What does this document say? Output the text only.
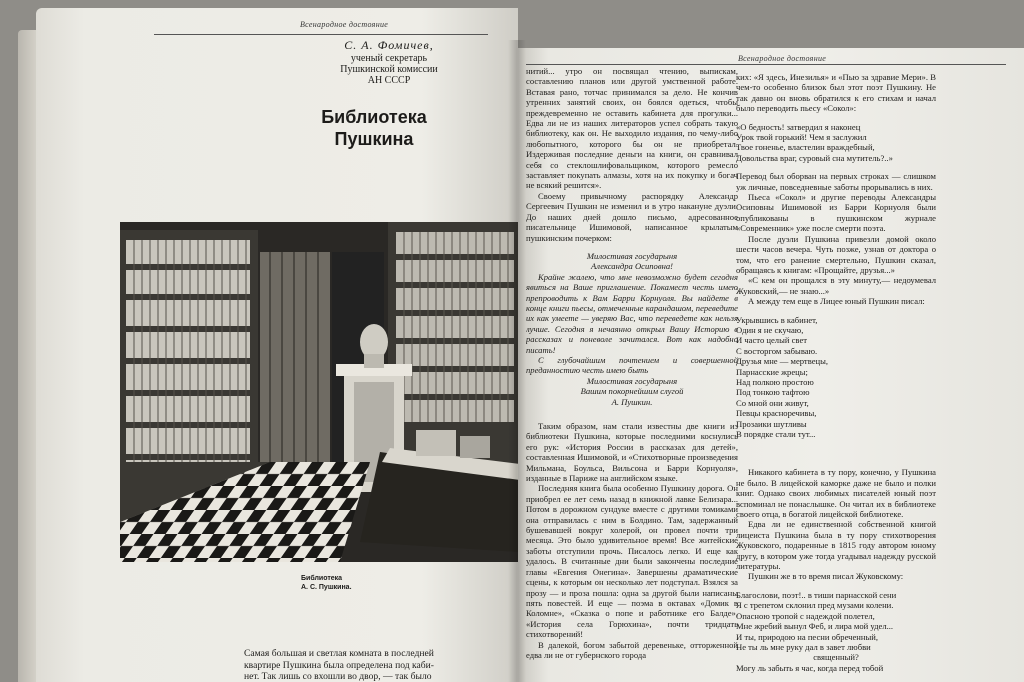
Всенародное достояние
С. А. Фомичев,
ученый секретарь
Пушкинской комиссии
АН СССР
Библиотека
Пушкина
Библиотека
А. С. Пушкина.

Самая большая и светлая комната в последней

квартире Пушкина была определена под каби-

нет. Так лишь со вхошли во двор, — так было

Всенародное достояние

нитий... утро он посвящал чтению, выпискам, составлению планов или другой умственной работе. Вставая рано, тотчас принимался за дело. Не кончив утренних занятий своих, он боялся одеться, чтобы преждевременно не оставить кабинета для прогулки... Едва ли не из наших литераторов успел собрать такую библиотеку, как он. Не выходило издания, по чему-либо любопытного, которого бы он не приобретал. Издерживая последние деньги на книги, он сравнивал себя со стеклошлифовальщиком, которого ремесло заставляет покупать алмазы, хотя на их покупку и богач не всякий решится».

Своему привычному распорядку Александр Сергеевич Пушкин не изменил и в утро накануне дуэли. До наших дней дошло письмо, адресованное писательнице Ишимовой, написанное крылатым пушкинским почерком:

Милостивая государыня

Александра Осиповна!

Крайне жалею, что мне невозможно будет сегодня явиться на Ваше приглашение. Покамест честь имею препроводить к Вам Барри Корнуоля. Вы найдете в конце книги пьесы, отмеченные карандашом, переведите их как умеете — уверяю Вас, что переведете как нельзя лучше. Сегодня я нечаянно открыл Вашу Историю в рассказах и поневоле зачитался. Вот как надобно писать!

С глубочайшим почтением и совершенной преданностию честь имею быть

Милостивая государыня

Вашим покорнейшим слугой

А. Пушкин.

Таким образом, нам стали известны две книги из библиотеки Пушкина, которые последними коснулись его рук: «История России в рассказах для детей», составленная Ишимовой, и «Стихотворные произведения Мильмана, Боульса, Вильсона и Барри Корнуоля», изданные в Париже на английском языке.

Последняя книга была особенно Пушкину дорога. Он приобрел ее лет семь назад в книжной лавке Белизара... Потом в дорожном сундуке вместе с другими томиками она отправилась с ним в Болдино. Там, задержанный бушевавшей вокруг холерой, он провел почти три месяца. Это было удивительное время! Все житейские заботы отступили прочь. Писалось легко. И еще как удалось. В считанные дни были закончены последние главы «Евгения Онегина». Завершены драматические сцены, к которым он несколько лет подступал. Взялся за прозу — и проза пошла: одна за другой были написаны пять повестей. И еще — поэма в октавах «Домик в Коломне», «Сказка о попе и работнике его Балде», «История села Горюхина», почти тридцать стихотворений!

В далекой, богом забытой деревеньке, отторженной едва ли не от губернского города

ких: «Я здесь, Инезилья» и «Пью за здравие Мери». В чем-то особенно близок был этот поэт Пушкину. Не так давно он вновь обратился к его стихам и начал было переводить пьесу «Сокол»:

«О бедность! затвердил я наконец

Урок твой горький! Чем я заслужил

Твое гоненье, властелин враждебный,

Довольства враг, суровый сна мутитель?..»

Перевод был оборван на первых строках — слишком уж личные, повседневные заботы прорывались в них.

Пьеса «Сокол» и другие переводы Александры Осиповны Ишимовой из Барри Корнуоля были опубликованы в пушкинском журнале «Современник» уже после смерти поэта.

После дуэли Пушкина привезли домой около шести часов вечера. Чуть позже, узнав от доктора о том, что его ранение смертельно, Пушкин сказал, обращаясь к книгам: «Прощайте, друзья...»

«С кем он прощался в эту минуту,— недоумевал Жуковский,— не знаю...»

А между тем еще в Лицее юный Пушкин писал:

Укрывшись в кабинет,

Один я не скучаю,

И часто целый свет

С восторгом забываю.

Друзья мне — мертвецы,

Парнасские жрецы;

Над полкою простою

Под тонкою тафтою

Со мной они живут,

Певцы красноречивы,

Прозаики шутливы

В порядке стали тут...

Никакого кабинета в ту пору, конечно, у Пушкина не было. В лицейской каморке даже не было и полки книг. Однако своих любимых писателей юный поэт вспоминал не понаслышке. Он читал их в библиотеке своего отца, в богатой лицейской библиотеке.

Едва ли не единственной собственной книгой лицеиста Пушкина была в ту пору стихотворения Жуковского, подаренные в 1815 году автором юному другу, в котором уже тогда угадывал надежду русской литературы.

Пушкин же в то время писал Жуковскому:

Благослови, поэт!.. в тиши парнасской сени

Я с трепетом склонил пред музами колени.

Опасною тропой с надеждой полетел,

Мне жребий вынул Феб, и лира мой удел...

И ты, природою на песни обреченный,

Не ты ль мне руку дал в завет любви

священный?

Могу ль забыть я час, когда перед тобой
